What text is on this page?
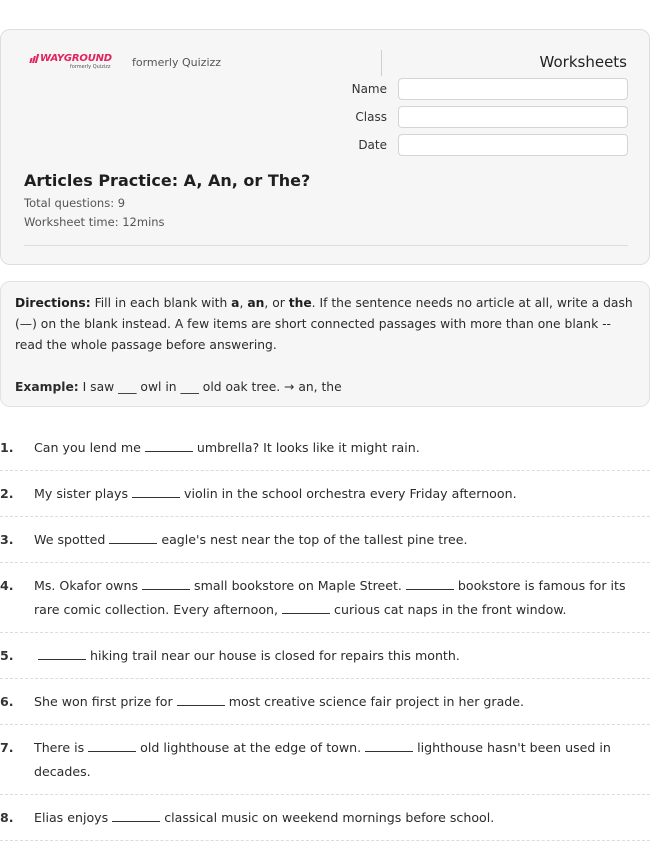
WAYGROUND
formerly Quizizz formerly Quizizz	Worksheets
Name
Class
Date
Articles Practice: A, An, or The?
Total questions: 9
Worksheet time: 12mins
Directions: Fill in each blank with a, an, or the. If the sentence needs no article at all, write a dash (—) on the blank instead. A few items are short connected passages with more than one blank -- read the whole passage before answering.
Example: I saw ___ owl in ___ old oak tree. → an, the
1.	Can you lend me	umbrella? It looks like it might rain.
2.	My sister plays	violin in the school orchestra every Friday afternoon.
3.	We spotted	eagle's nest near the top of the tallest pine tree.
4.	Ms. Okafor owns	small bookstore on Maple Street.	bookstore is famous for its rare comic collection. Every afternoon,	curious cat naps in the front window.
5.	hiking trail near our house is closed for repairs this month.
6.	She won first prize for	most creative science fair project in her grade.
7.	There is	old lighthouse at the edge of town.	lighthouse hasn't been used in decades.
8.	Elias enjoys	classical music on weekend mornings before school.
